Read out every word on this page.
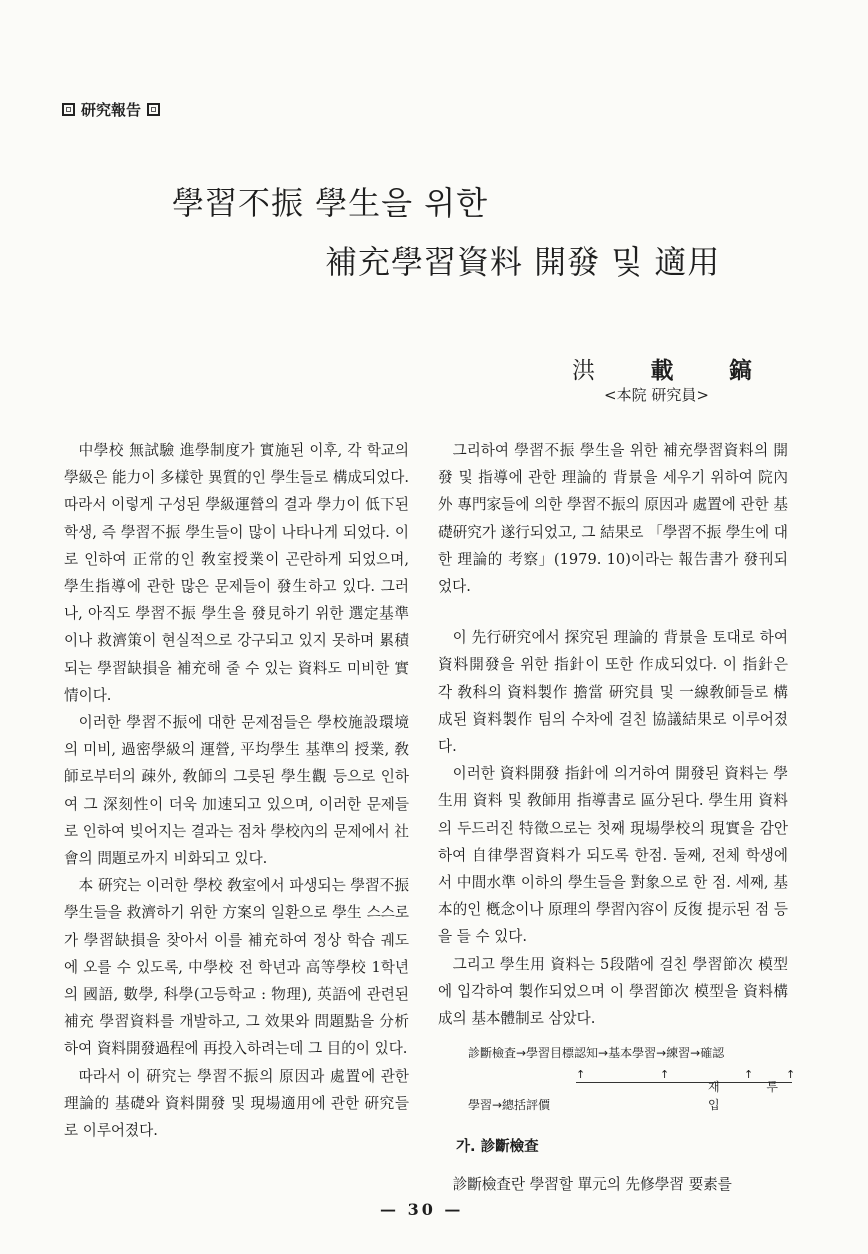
研究報告
學習不振 學生을 위한
補充學習資料 開發 및 適用
洪 載 鎬
<本院 研究員>

中學校 無試驗 進學制度가 實施된 이후, 각 학교의 學級은 能力이 多樣한 異質的인 學生들로 構成되었다. 따라서 이렇게 구성된 學級運營의 결과 學力이 低下된 학생, 즉 學習不振 學生들이 많이 나타나게 되었다. 이로 인하여 正常的인 敎室授業이 곤란하게 되었으며, 學生指導에 관한 많은 문제들이 發生하고 있다. 그러나, 아직도 學習不振 學生을 發見하기 위한 選定基準이나 救濟策이 현실적으로 강구되고 있지 못하며 累積되는 學習缺損을 補充해 줄 수 있는 資料도 미비한 實情이다.

이러한 學習不振에 대한 문제점들은 學校施設環境의 미비, 過密學級의 運營, 平均學生 基準의 授業, 敎師로부터의 疎外, 敎師의 그릇된 學生觀 등으로 인하여 그 深刻性이 더욱 加速되고 있으며, 이러한 문제들로 인하여 빚어지는 결과는 점차 學校內의 문제에서 社會의 問題로까지 비화되고 있다.

本 硏究는 이러한 學校 敎室에서 파생되는 學習不振 學生들을 救濟하기 위한 方案의 일환으로 學生 스스로가 學習缺損을 찾아서 이를 補充하여 정상 학습 궤도에 오를 수 있도록, 中學校 전 학년과 高等學校 1학년의 國語, 數學, 科學(고등학교 : 物理), 英語에 관련된 補充 學習資料를 개발하고, 그 效果와 問題點을 分析하여 資料開發過程에 再投入하려는데 그 目的이 있다.

따라서 이 硏究는 學習不振의 原因과 處置에 관한 理論的 基礎와 資料開發 및 現場適用에 관한 硏究들로 이루어졌다.

그리하여 學習不振 學生을 위한 補充學習資料의 開發 및 指導에 관한 理論的 背景을 세우기 위하여 院內外 專門家들에 의한 學習不振의 原因과 處置에 관한 基礎硏究가 遂行되었고, 그 結果로 「學習不振 學生에 대한 理論的 考察」(1979. 10)이라는 報告書가 發刊되었다.

이 先行硏究에서 探究된 理論的 背景을 토대로 하여 資料開發을 위한 指針이 또한 作成되었다. 이 指針은 각 敎科의 資料製作 擔當 硏究員 및 一線敎師들로 構成된 資料製作 팀의 수차에 걸친 協議結果로 이루어졌다.

이러한 資料開發 指針에 의거하여 開發된 資料는 學生用 資料 및 敎師用 指導書로 區分된다. 學生用 資料의 두드러진 特徵으로는 첫째 現場學校의 現實을 감안하여 自律學習資料가 되도록 한점. 둘째, 전체 학생에서 中間水準 이하의 學生들을 對象으로 한 점. 세째, 基本的인 槪念이나 原理의 學習內容이 反復 提示된 점 등을 들 수 있다.

그리고 學生用 資料는 5段階에 걸친 學習節次 模型에 입각하여 製作되었으며 이 學習節次 模型을 資料構成의 基本體制로 삼았다.

診斷檢査→學習目標認知→基本學習→練習→確認
↑	↑	↑	↑
재 투 입
學習→總括評價
가. 診斷檢査

診斷檢査란 學習할 單元의 先修學習 要素를

— 30 —
